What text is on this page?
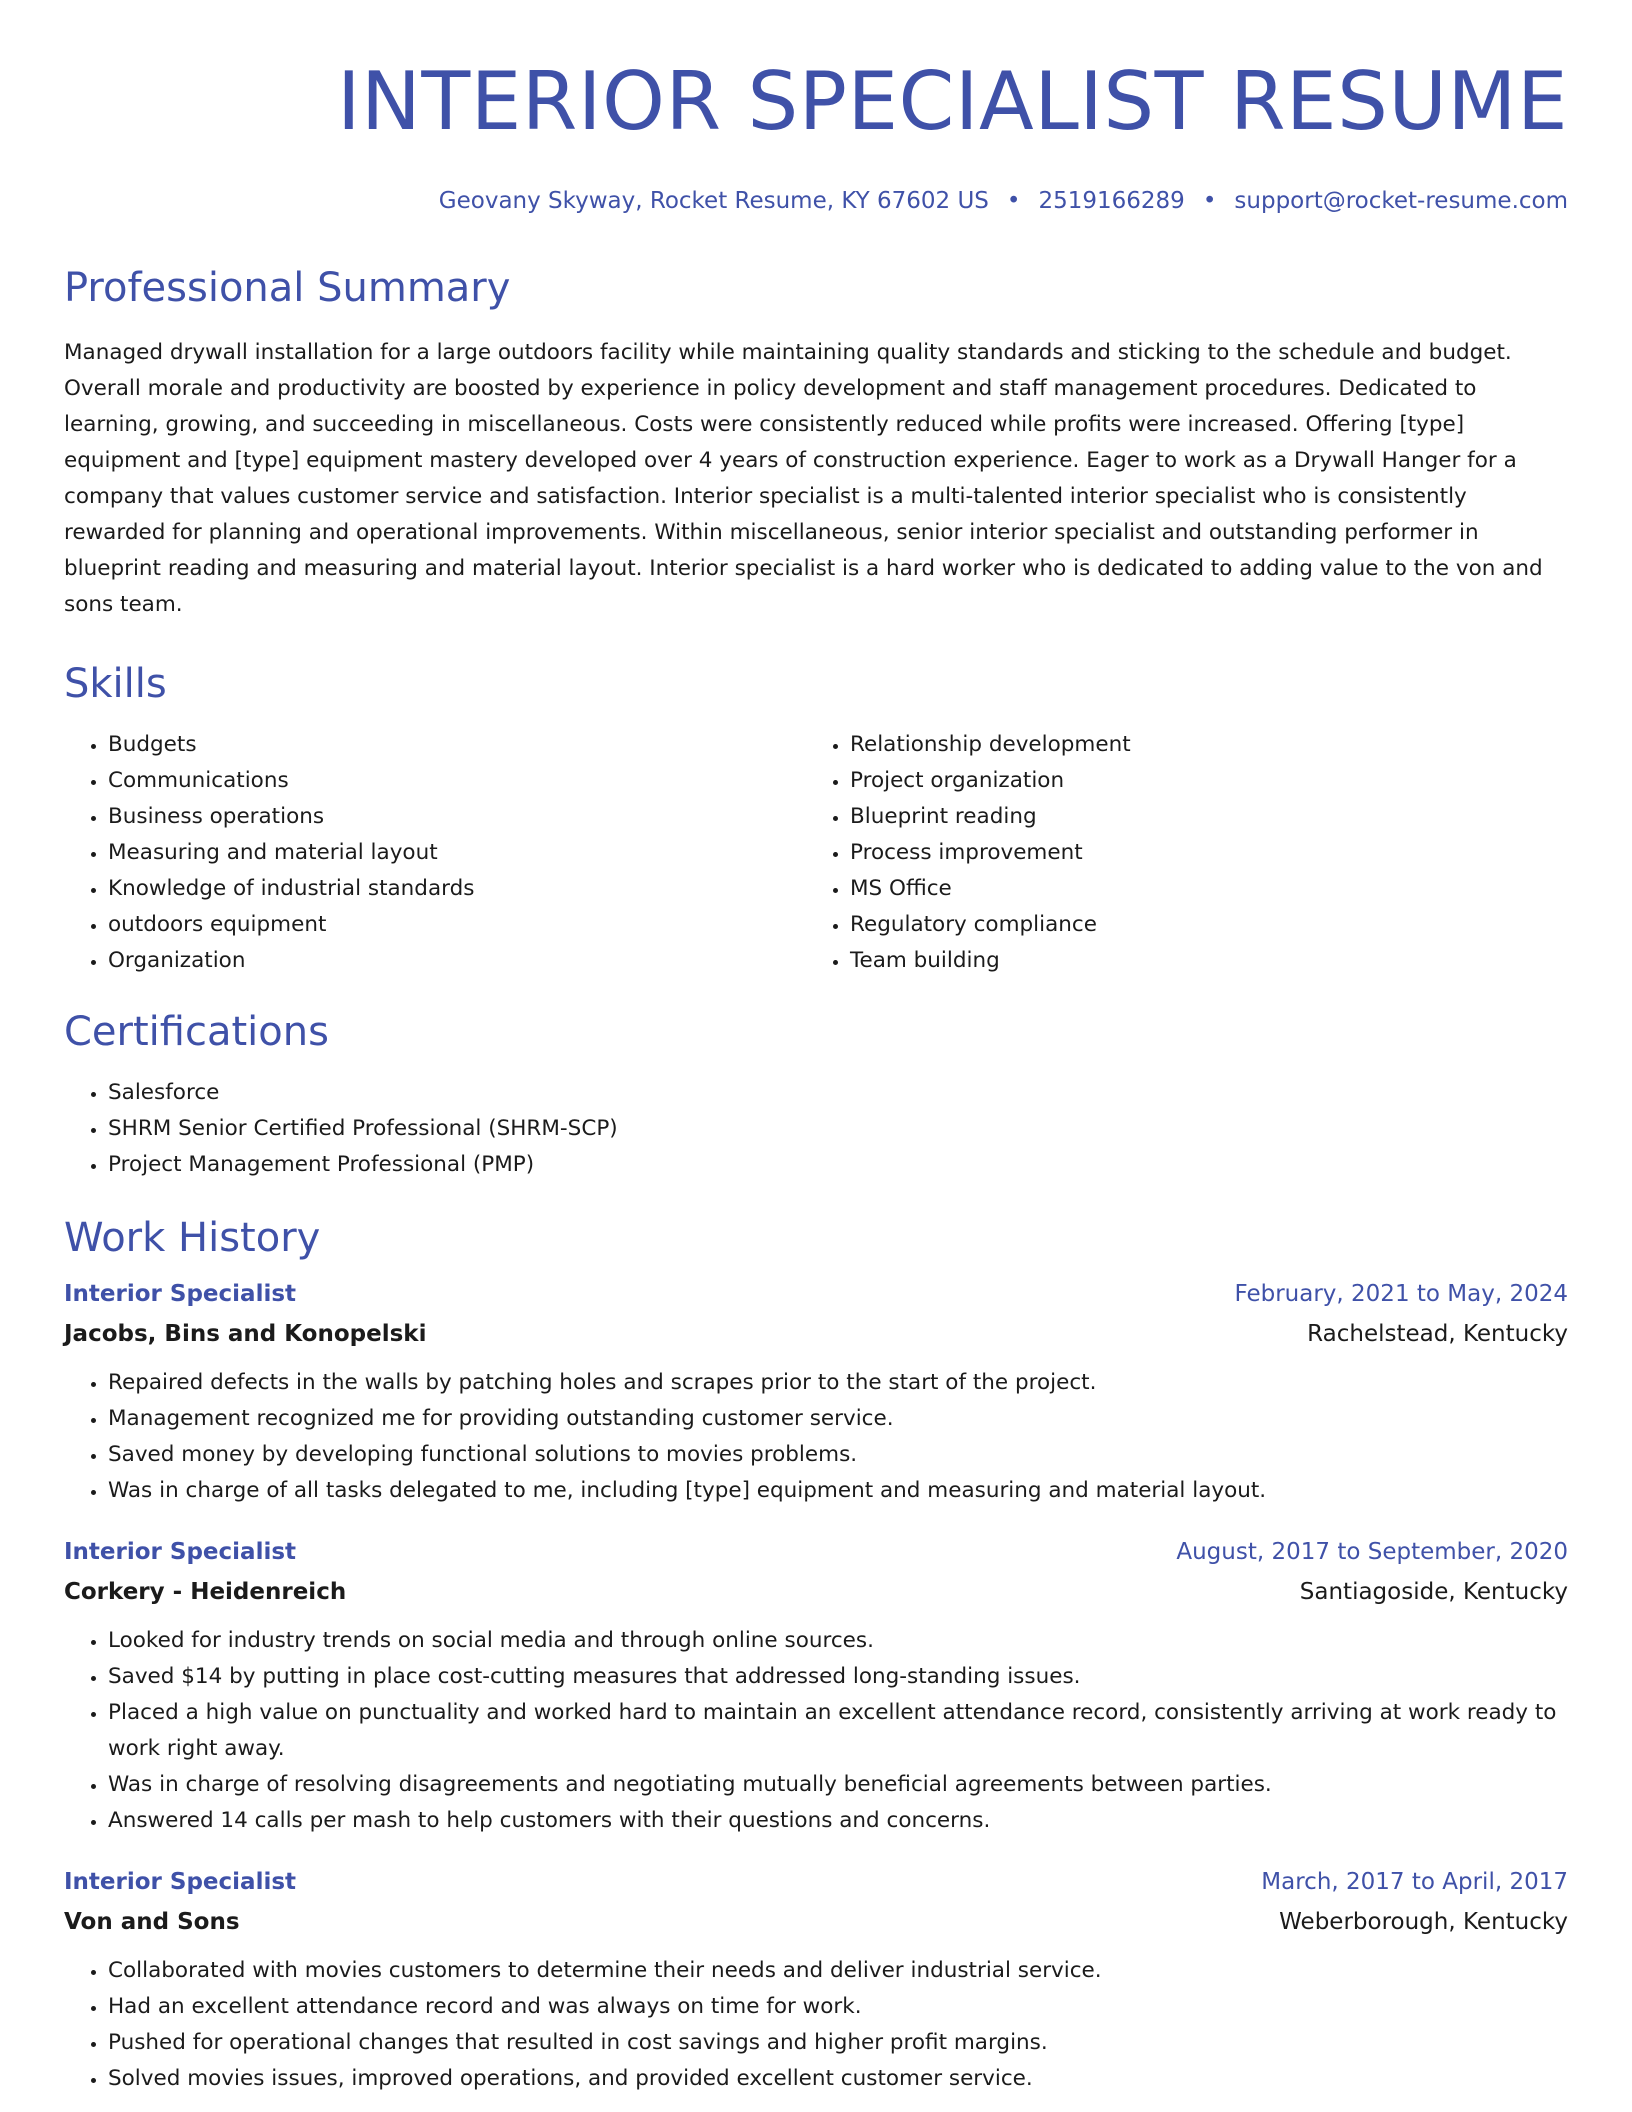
INTERIOR SPECIALIST RESUME
Geovany Skyway, Rocket Resume, KY 67602 US • 2519166289 • support@rocket-resume.com
Professional Summary

Managed drywall installation for a large outdoors facility while maintaining quality standards and sticking to the schedule and budget. Overall morale and productivity are boosted by experience in policy development and staff management procedures. Dedicated to learning, growing, and succeeding in miscellaneous. Costs were consistently reduced while profits were increased. Offering [type] equipment and [type] equipment mastery developed over 4 years of construction experience. Eager to work as a Drywall Hanger for a company that values customer service and satisfaction. Interior specialist is a multi-talented interior specialist who is consistently rewarded for planning and operational improvements. Within miscellaneous, senior interior specialist and outstanding performer in blueprint reading and measuring and material layout. Interior specialist is a hard worker who is dedicated to adding value to the von and sons team.

Skills
• Budgets
• Communications
• Business operations
• Measuring and material layout
• Knowledge of industrial standards
• outdoors equipment
• Organization
• Relationship development
• Project organization
• Blueprint reading
• Process improvement
• MS Office
• Regulatory compliance
• Team building
Certifications
• Salesforce
• SHRM Senior Certified Professional (SHRM-SCP)
• Project Management Professional (PMP)
Work History
Interior Specialist	February, 2021 to May, 2024
Jacobs, Bins and Konopelski	Rachelstead, Kentucky
• Repaired defects in the walls by patching holes and scrapes prior to the start of the project.
• Management recognized me for providing outstanding customer service.
• Saved money by developing functional solutions to movies problems.
• Was in charge of all tasks delegated to me, including [type] equipment and measuring and material layout.
Interior Specialist	August, 2017 to September, 2020
Corkery - Heidenreich	Santiagoside, Kentucky
• Looked for industry trends on social media and through online sources.
• Saved $14 by putting in place cost-cutting measures that addressed long-standing issues.
• Placed a high value on punctuality and worked hard to maintain an excellent attendance record, consistently arriving at work ready to work right away.
• Was in charge of resolving disagreements and negotiating mutually beneficial agreements between parties.
• Answered 14 calls per mash to help customers with their questions and concerns.
Interior Specialist	March, 2017 to April, 2017
Von and Sons	Weberborough, Kentucky
• Collaborated with movies customers to determine their needs and deliver industrial service.
• Had an excellent attendance record and was always on time for work.
• Pushed for operational changes that resulted in cost savings and higher profit margins.
• Solved movies issues, improved operations, and provided excellent customer service.
